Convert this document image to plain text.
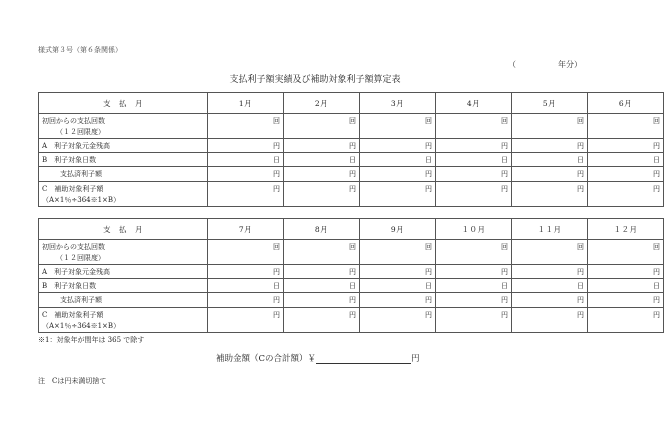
様式第３号（第６条関係）
（	年分）
支払利子額実績及び補助対象利子額算定表
支　払　月	1月	2月	3月	4月	5月	6月
初回からの支払回数
（１２回限度）	回	回	回	回	回	回
A　利子対象元金残高	円	円	円	円	円	円
B　利子対象日数	日	日	日	日	日	日
支払済利子額	円	円	円	円	円	円
C　補助対象利子額
（A×1％÷364※1×B）	円	円	円	円	円	円
支　払　月	7月	8月	9月	１０月	１１月	１２月
初回からの支払回数
（１２回限度）	回	回	回	回	回	回
A　利子対象元金残高	円	円	円	円	円	円
B　利子対象日数	日	日	日	日	日	日
支払済利子額	円	円	円	円	円	円
C　補助対象利子額
（A×1％÷364※1×B）	円	円	円	円	円	円
※1：対象年が閏年は 365 で除す
補助金額（Cの合計額）￥	円
注　Cは円未満切捨て
